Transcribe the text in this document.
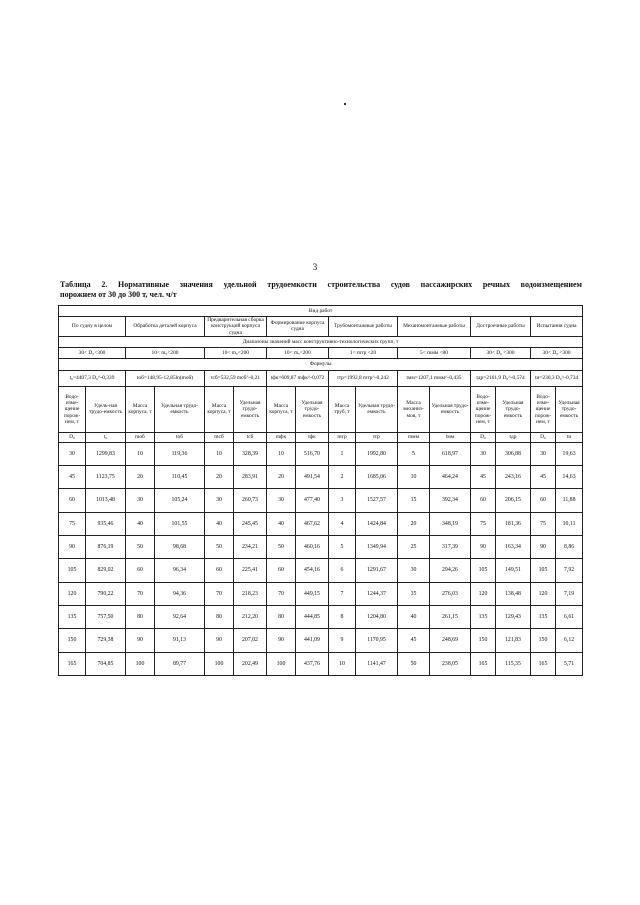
3
Таблица 2. Нормативные значения удельной трудоемкости строительства судов пассажирских речных водоизмещением
порожнем от 30 до 300 т, чел. ч/т
Вид работ															
По судну в целом		Обработка деталей корпуса		Предварительная сборка конструкций корпуса судна		Формирование корпуса судна		Трубомонтажные работы		Механомонтажные работы		Достроечные работы		Испытания судна	
Диапазоны значений масс конструктивно-технологических групп, т															
30< D₀<300		10< m₀<200		10< m₀<200		10< mₒ<200		1< mтр <20		5< mмм <80		30< D₀ <300		30< D₀ <300	
Формулы															
t₀=4407,3 D₀^-0,339		tоб=148,95-12,85ln(mоб)		tсб=532,59 mсб^-0,21		tфк=609,87 mфк^-0,072		tтр=1992,8 mтр^-0,242		tмм=1207,1 mмм^-0,435		tдр=2161,9 D₀^-0,574		tи=230,3 D₀^-0,734	
Водо-изме-щение порож-нем, т	Удель-ная трудо-емкость	Масса корпуса, т	Удельная трудо-емкость	Масса корпуса, т	Удельная трудо-емкость	Масса корпуса, т	Удельная трудо-емкость	Масса труб, т	Удельная трудо-емкость	Масса механиз-мов, т	Удельная трудо-емкость	Водо-изме-щение порож-нем, т	Удельная трудо-емкость	Водо-изме-щение порож-нем, т	Удельная трудо-емкость
D₀	t₀	mоб	tоб	mсб	tсб	mфк	tфк	mтр	tтр	mмм	tмм	D₀	tдр	D₀	tи
30	1299,83	10	119,36	10	328,39	10	516,70	1	1992,80	5	618,97	30	306,88	30	19,63
45	1123,75	20	110,45	20	283,91	20	491,54	2	1685,06	10	464,24	45	243,16	45	14,63
60	1013,48	30	105,24	30	260,73	30	477,40	3	1527,57	15	392,34	60	206,15	60	11,88
75	935,46	40	101,55	40	245,45	40	467,62	4	1424,84	20	348,19	75	181,36	75	10,11
90	876,19	50	98,68	50	234,21	50	460,16	5	1349,94	25	317,39	90	163,34	90	8,86
105	829,02	60	96,34	60	225,41	60	454,16	6	1291,67	30	294,26	105	149,51	105	7,92
120	790,22	70	94,36	70	218,23	70	449,15	7	1244,37	35	276,03	120	138,48	120	7,19
135	757,50	80	92,64	80	212,20	80	444,85	8	1204,80	40	261,15	135	129,43	135	6,61
150	729,38	90	91,13	90	207,02	90	441,09	9	1170,95	45	248,69	150	121,83	150	6,12
165	704,85	100	89,77	100	202,49	100	437,76	10	1141,47	50	238,05	165	115,35	165	5,71
